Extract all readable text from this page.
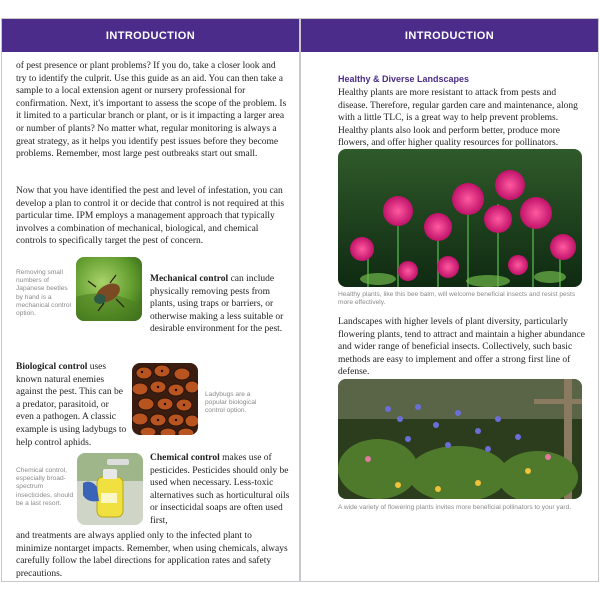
INTRODUCTION

of pest presence or plant problems? If you do, take a closer look and try to identify the culprit. Use this guide as an aid. You can then take a sample to a local extension agent or nursery professional for confirmation. Next, it's important to assess the scope of the problem. Is it limited to a particular branch or plant, or is it impacting a larger area or number of plants? No matter what, regular monitoring is always a great strategy, as it helps you identify pest issues before they become problems. Remember, most large pest outbreaks start out small.

Now that you have identified the pest and level of infestation, you can develop a plan to control it or decide that control is not required at this particular time. IPM employs a management approach that typically involves a combination of mechanical, biological, and chemical controls to specifically target the pest of concern.

Removing small numbers of Japanese beetles by hand is a mechanical control option.

Mechanical control can include physically removing pests from plants, using traps or barriers, or otherwise making a less suitable or desirable environment for the pest.

Biological control uses known natural enemies against the pest. This can be a predator, parasitoid, or even a pathogen. A classic example is using ladybugs to help control aphids.

Ladybugs are a popular biological control option.

Chemical control, especially broad-spectrum insecticides, should be a last resort.

Chemical control makes use of pesticides. Pesticides should only be used when necessary. Less-toxic alternatives such as horticultural oils or insecticidal soaps are often used first,

and treatments are always applied only to the infected plant to minimize nontarget impacts. Remember, when using chemicals, always carefully follow the label directions for application rates and safety precautions.

INTRODUCTION

Healthy & Diverse Landscapes

Healthy plants are more resistant to attack from pests and disease. Therefore, regular garden care and maintenance, along with a little TLC, is a great way to help prevent problems. Healthy plants also look and perform better, produce more flowers, and offer higher quality resources for pollinators.

Healthy plants, like this bee balm, will welcome beneficial insects and resist pests more effectively.

Landscapes with higher levels of plant diversity, particularly flowering plants, tend to attract and maintain a higher abundance and wider range of beneficial insects. Collectively, such basic methods are easy to implement and offer a strong first line of defense.

A wide variety of flowering plants invites more beneficial pollinators to your yard.
